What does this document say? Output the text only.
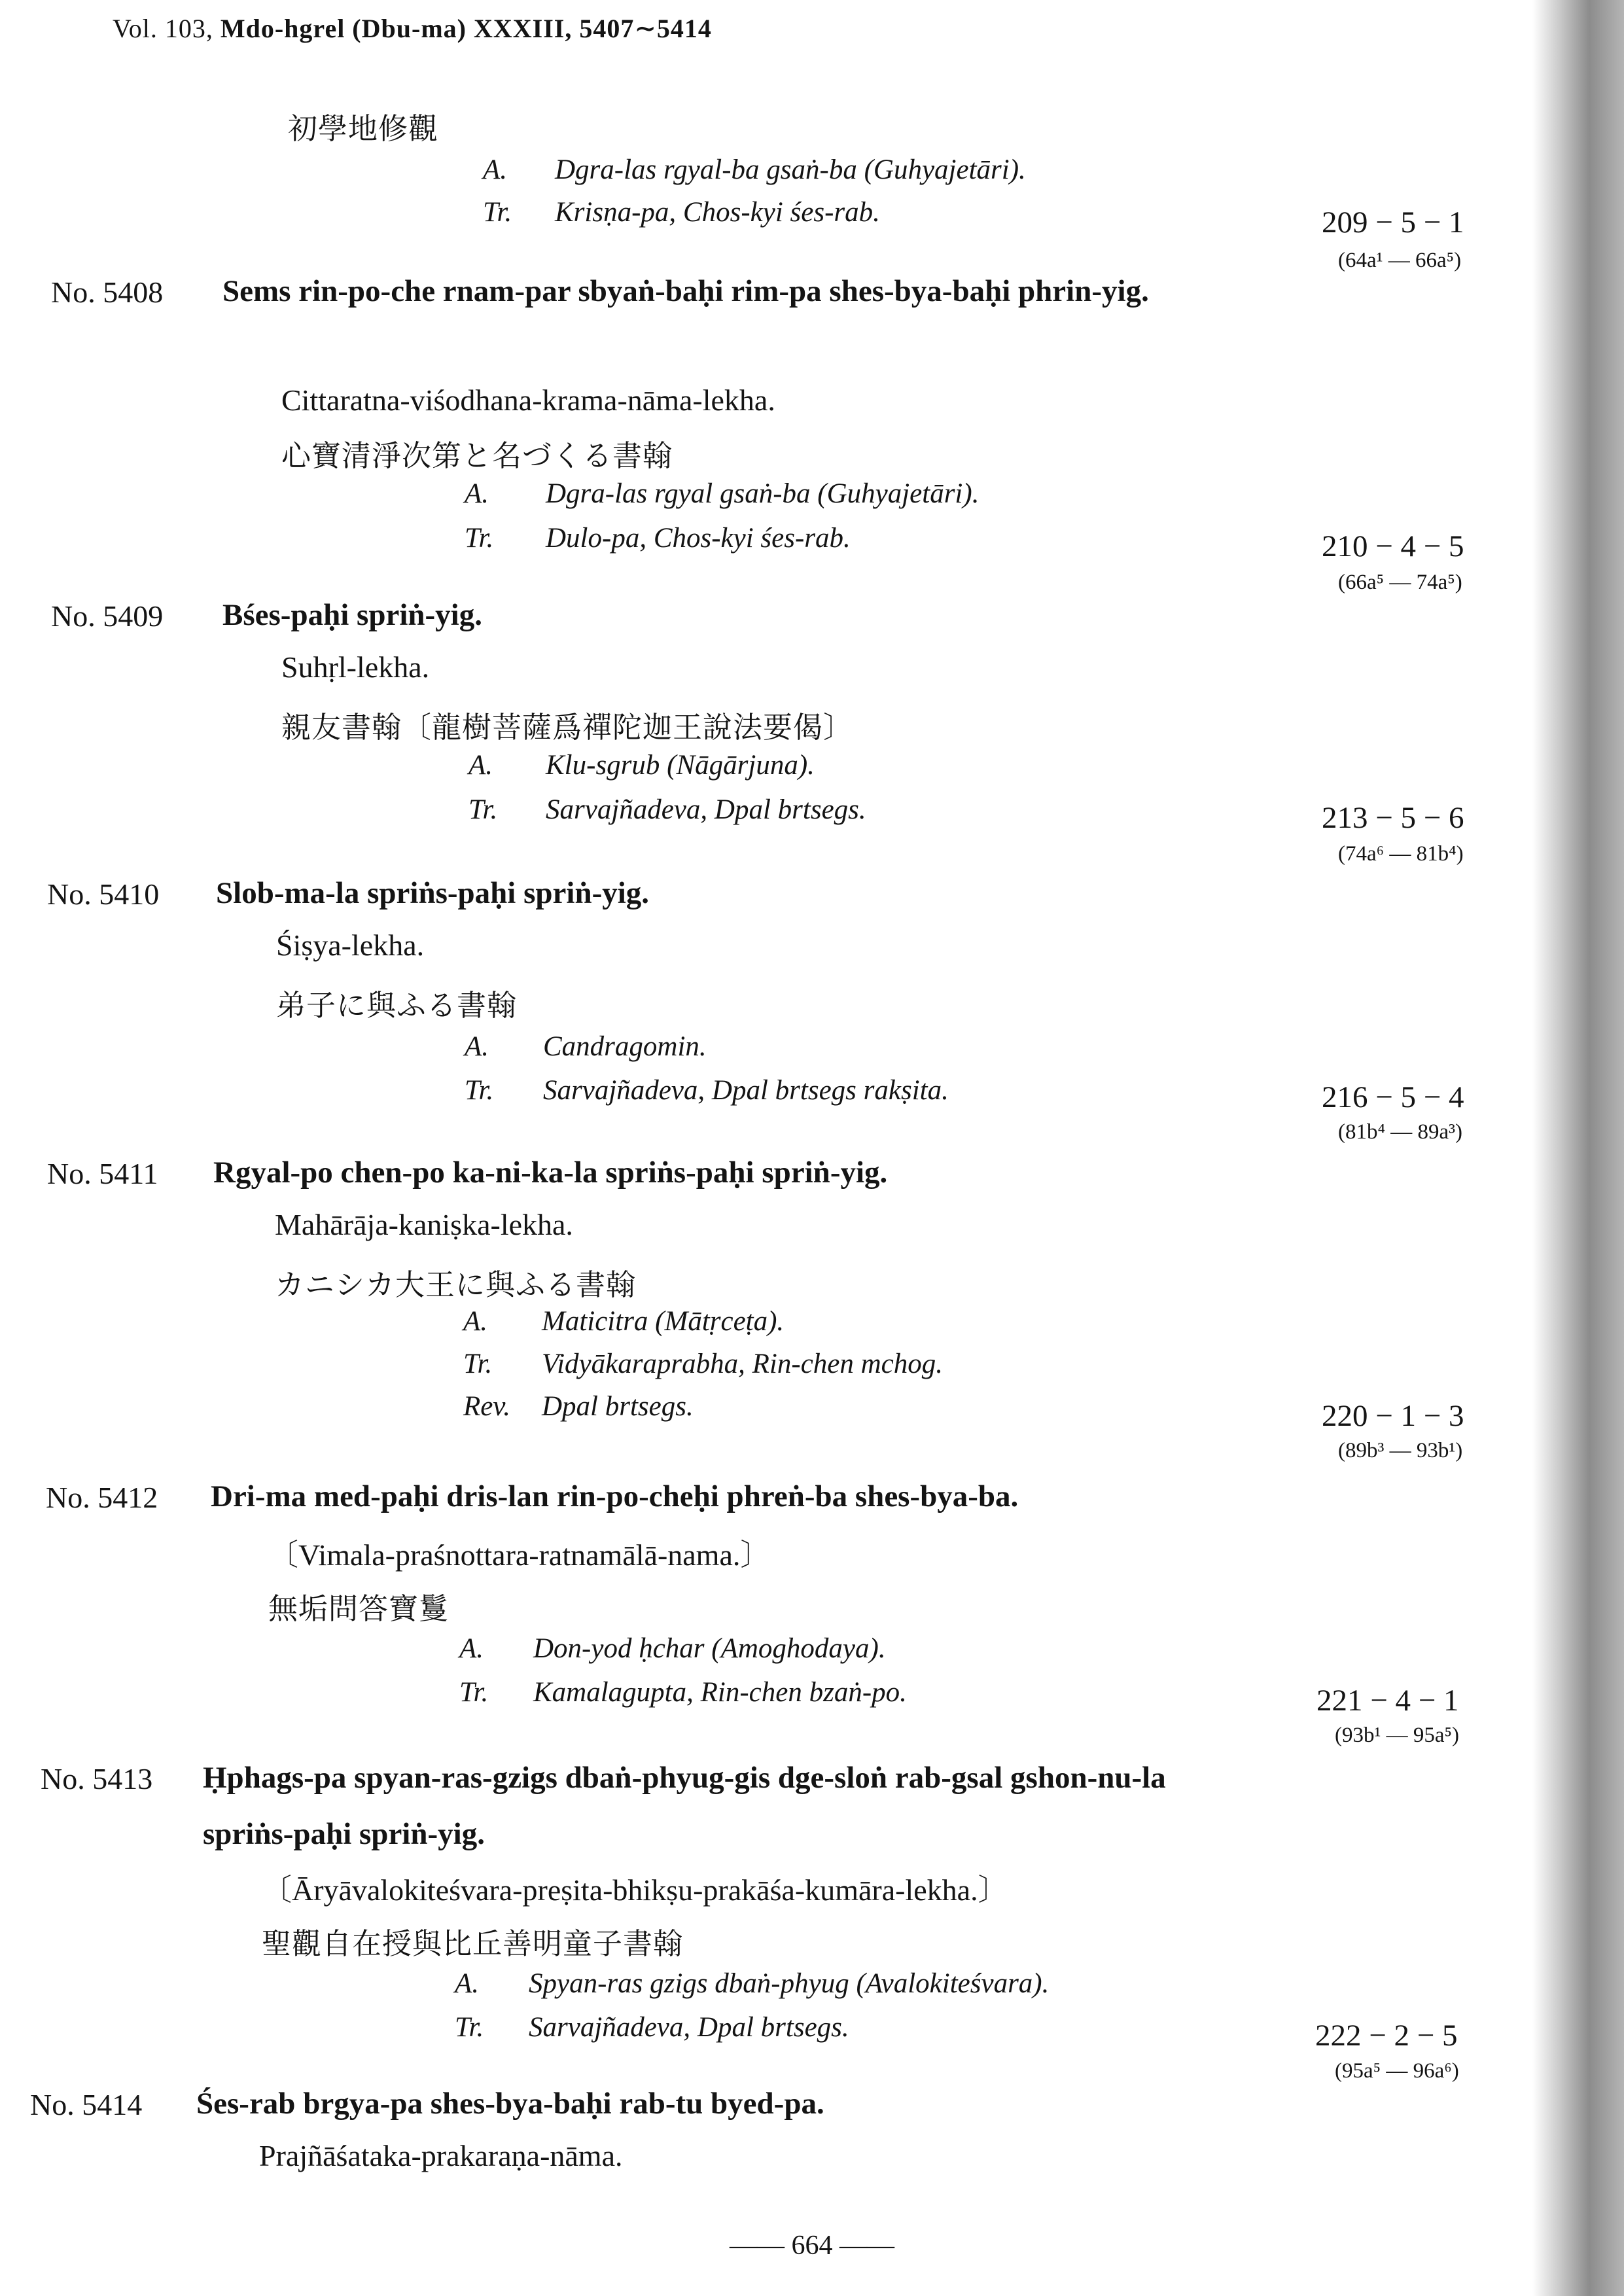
Vol. 103, Mdo-hgrel (Dbu-ma) XXXIII, 5407∼5414
初學地修觀
A. Dgra-las rgyal-ba gsaṅ-ba (Guhyajetāri).
Tr. Krisṇa-pa, Chos-kyi śes-rab.	209 − 5 − 1
(64a¹ — 66a⁵)
No. 5408 Sems rin-po-che rnam-par sbyaṅ-baḥi rim-pa shes-bya-baḥi phrin-yig.
Cittaratna-viśodhana-krama-nāma-lekha.
心寶清淨次第と名づくる書翰
A. Dgra-las rgyal gsaṅ-ba (Guhyajetāri).
Tr. Dulo-pa, Chos-kyi śes-rab.	210 − 4 − 5
(66a⁵ — 74a⁵)
No. 5409 Bśes-paḥi spriṅ-yig.
Suhṛl-lekha.
親友書翰〔龍樹菩薩爲禪陀迦王說法要偈〕
A. Klu-sgrub (Nāgārjuna).
Tr. Sarvajñadeva, Dpal brtsegs.	213 − 5 − 6
(74a⁶ — 81b⁴)
No. 5410 Slob-ma-la spriṅs-paḥi spriṅ-yig.
Śiṣya-lekha.
弟子に與ふる書翰
A. Candragomin.
Tr. Sarvajñadeva, Dpal brtsegs rakṣita.	216 − 5 − 4
(81b⁴ — 89a³)
No. 5411 Rgyal-po chen-po ka-ni-ka-la spriṅs-paḥi spriṅ-yig.
Mahārāja-kaniṣka-lekha.
カニシカ大王に與ふる書翰
A. Maticitra (Mātṛceṭa).
Tr. Vidyākaraprabha, Rin-chen mchog.
Rev. Dpal brtsegs.	220 − 1 − 3
(89b³ — 93b¹)
No. 5412 Dri-ma med-paḥi dris-lan rin-po-cheḥi phreṅ-ba shes-bya-ba.
〔Vimala-praśnottara-ratnamālā-nama.〕
無垢問答寶鬘
A. Don-yod ḥchar (Amoghodaya).
Tr. Kamalagupta, Rin-chen bzaṅ-po.	221 − 4 − 1
(93b¹ — 95a⁵)
No. 5413 Ḥphags-pa spyan-ras-gzigs dbaṅ-phyug-gis dge-sloṅ rab-gsal gshon-nu-la spriṅs-paḥi spriṅ-yig.
〔Āryāvalokiteśvara-preṣita-bhikṣu-prakāśa-kumāra-lekha.〕
聖觀自在授與比丘善明童子書翰
A. Spyan-ras gzigs dbaṅ-phyug (Avalokiteśvara).
Tr. Sarvajñadeva, Dpal brtsegs.	222 − 2 − 5
(95a⁵ — 96a⁶)
No. 5414 Śes-rab brgya-pa shes-bya-baḥi rab-tu byed-pa.
Prajñāśataka-prakaraṇa-nāma.
—— 664 ——
